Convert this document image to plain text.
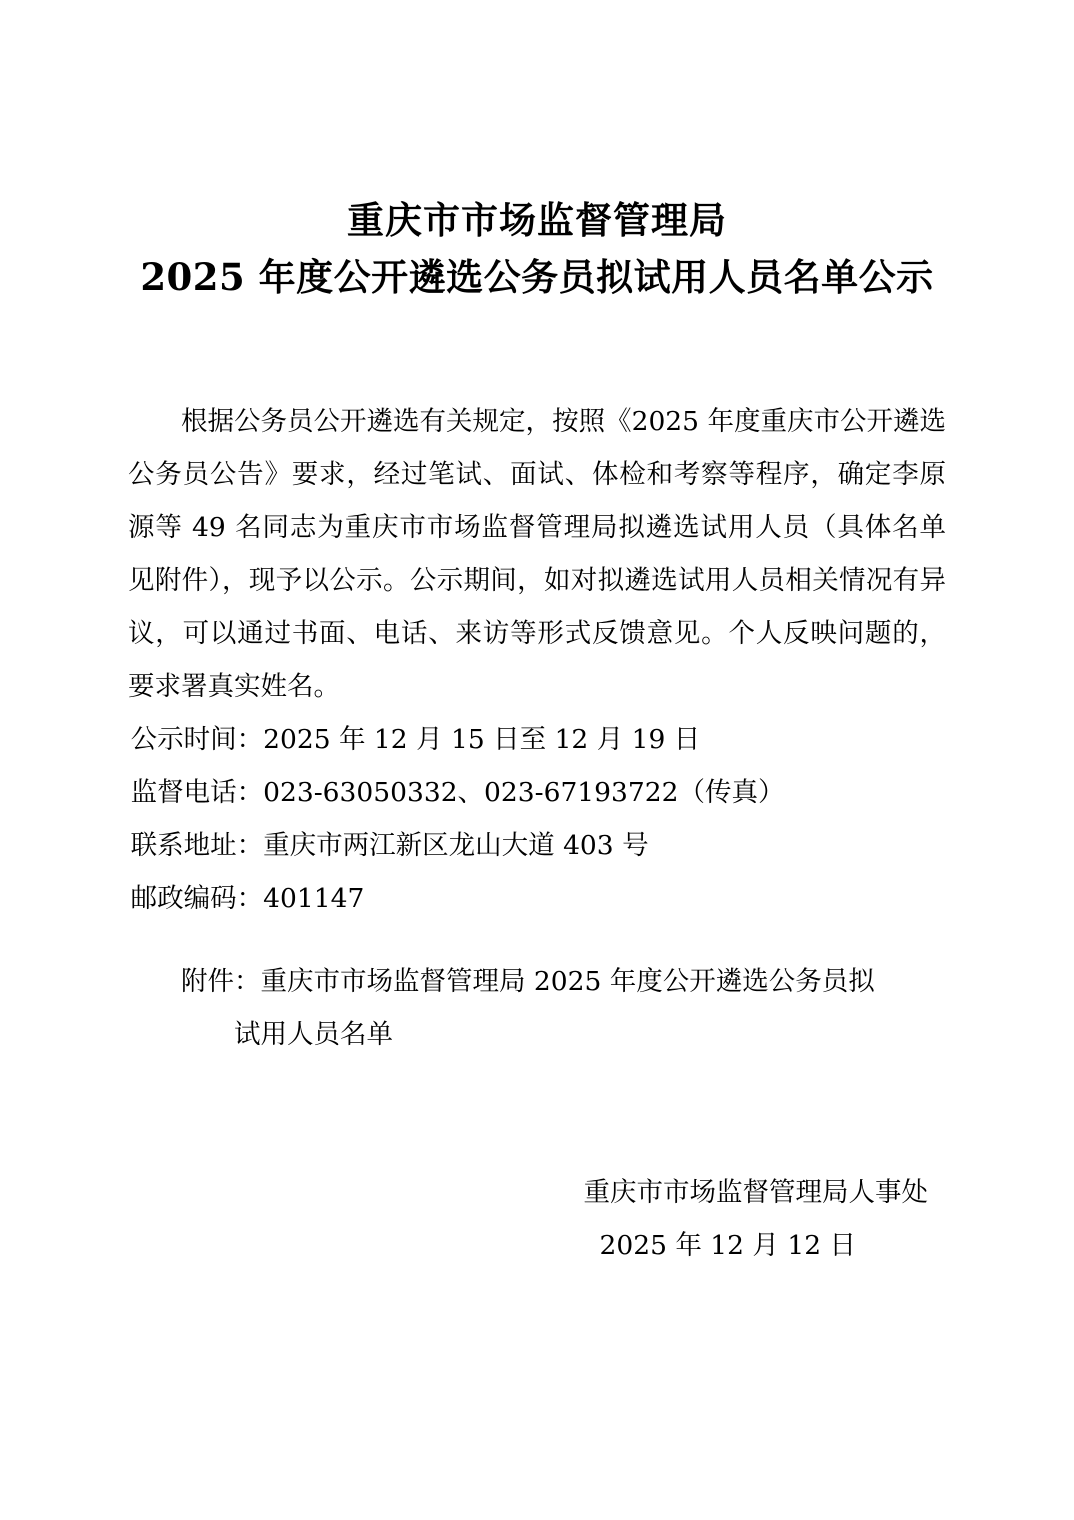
重庆市市场监督管理局
2025 年度公开遴选公务员拟试用人员名单公示

根据公务员公开遴选有关规定，按照《2025 年度重庆市公开遴选公务员公告》要求，经过笔试、面试、体检和考察等程序，确定李原源等 49 名同志为重庆市市场监督管理局拟遴选试用人员（具体名单见附件），现予以公示。公示期间，如对拟遴选试用人员相关情况有异议，可以通过书面、电话、来访等形式反馈意见。个人反映问题的，要求署真实姓名。

公示时间：2025 年 12 月 15 日至 12 月 19 日

监督电话：023-63050332、023-67193722（传真）

联系地址：重庆市两江新区龙山大道 403 号

邮政编码：401147

附件：重庆市市场监督管理局 2025 年度公开遴选公务员拟

试用人员名单

重庆市市场监督管理局人事处

2025 年 12 月 12 日
